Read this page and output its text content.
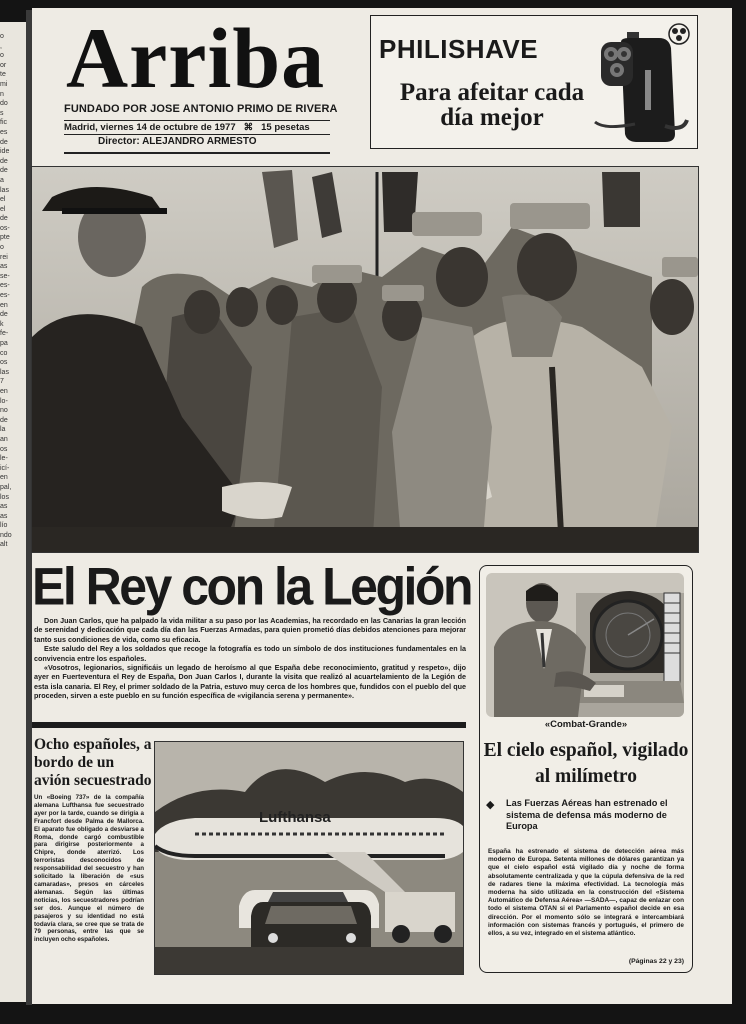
o
,
o
or
te
mi
n
do
s
fic
es
de
ide
de
de
a
las
el
el
de
os-
pte
o
rei
as
se-
es-
es-
en
de
k
fe-
pa
co
os
las
7
en
lo-
no
de
la
an
os
le-
icí-
en
pal,
los
as
as
lío
ndo
alt
Arriba
FUNDADO POR JOSE ANTONIO PRIMO DE RIVERA
Madrid, viernes 14 de octubre de 1977 ⌘ 15 pesetas
Director: ALEJANDRO ARMESTO
PHILISHAVE
Para afeitar cada día mejor
El Rey con la Legión

Don Juan Carlos, que ha palpado la vida militar a su paso por las Academias, ha recordado en las Canarias la gran lección de serenidad y dedicación que cada día dan las Fuerzas Armadas, para quien prometió días debidos atenciones para mejorar tanto sus condiciones de vida, como su eficacia.

Este saludo del Rey a los soldados que recoge la fotografía es todo un símbolo de dos instituciones fundamentales en la convivencia entre los españoles.

«Vosotros, legionarios, significáis un legado de heroísmo al que España debe reconocimiento, gratitud y respeto», dijo ayer en Fuerteventura el Rey de España, Don Juan Carlos I, durante la visita que realizó al acuartelamiento de la Legión de esta isla canaria. El Rey, el primer soldado de la Patria, estuvo muy cerca de los hombres que, fundidos con el pueblo del que proceden, sirven a este pueblo en su función específica de «vigilancia serena y permanente».

Ocho españoles, a bordo de un avión secuestrado
Un «Boeing 737» de la compañía alemana Lufthansa fue secuestrado ayer por la tarde, cuando se dirigía a Francfort desde Palma de Mallorca. El aparato fue obligado a desviarse a Roma, donde cargó combustible para dirigirse posteriormente a Chipre, donde aterrizó. Los terroristas desconocidos de responsabilidad del secuestro y han solicitado la liberación de «sus camaradas», presos en cárceles alemanas. Según las últimas noticias, los secuestradores podrían ser dos. Aunque el número de pasajeros y su identidad no está todavía clara, se cree que se trata de 79 personas, entre las que se incluyen ocho españoles.
Lufthansa
«Combat-Grande»
El cielo español, vigilado al milímetro
◆ Las Fuerzas Aéreas han estrenado el sistema de defensa más moderno de Europa
España ha estrenado el sistema de detección aérea más moderno de Europa. Setenta millones de dólares garantizan ya que el cielo español está vigilado día y noche de forma absolutamente centralizada y que la cúpula defensiva de la red de radares tiene la máxima efectividad. La tecnología más moderna ha sido utilizada en la construcción del «Sistema Automático de Defensa Aérea» —SADA—, capaz de enlazar con todo el sistema OTAN si el Parlamento español decide en esa dirección. Por el momento sólo se integrará e intercambiará información con sistemas francés y portugués, el primero de ellos, a su vez, integrado en el sistema atlántico.
(Páginas 22 y 23)
